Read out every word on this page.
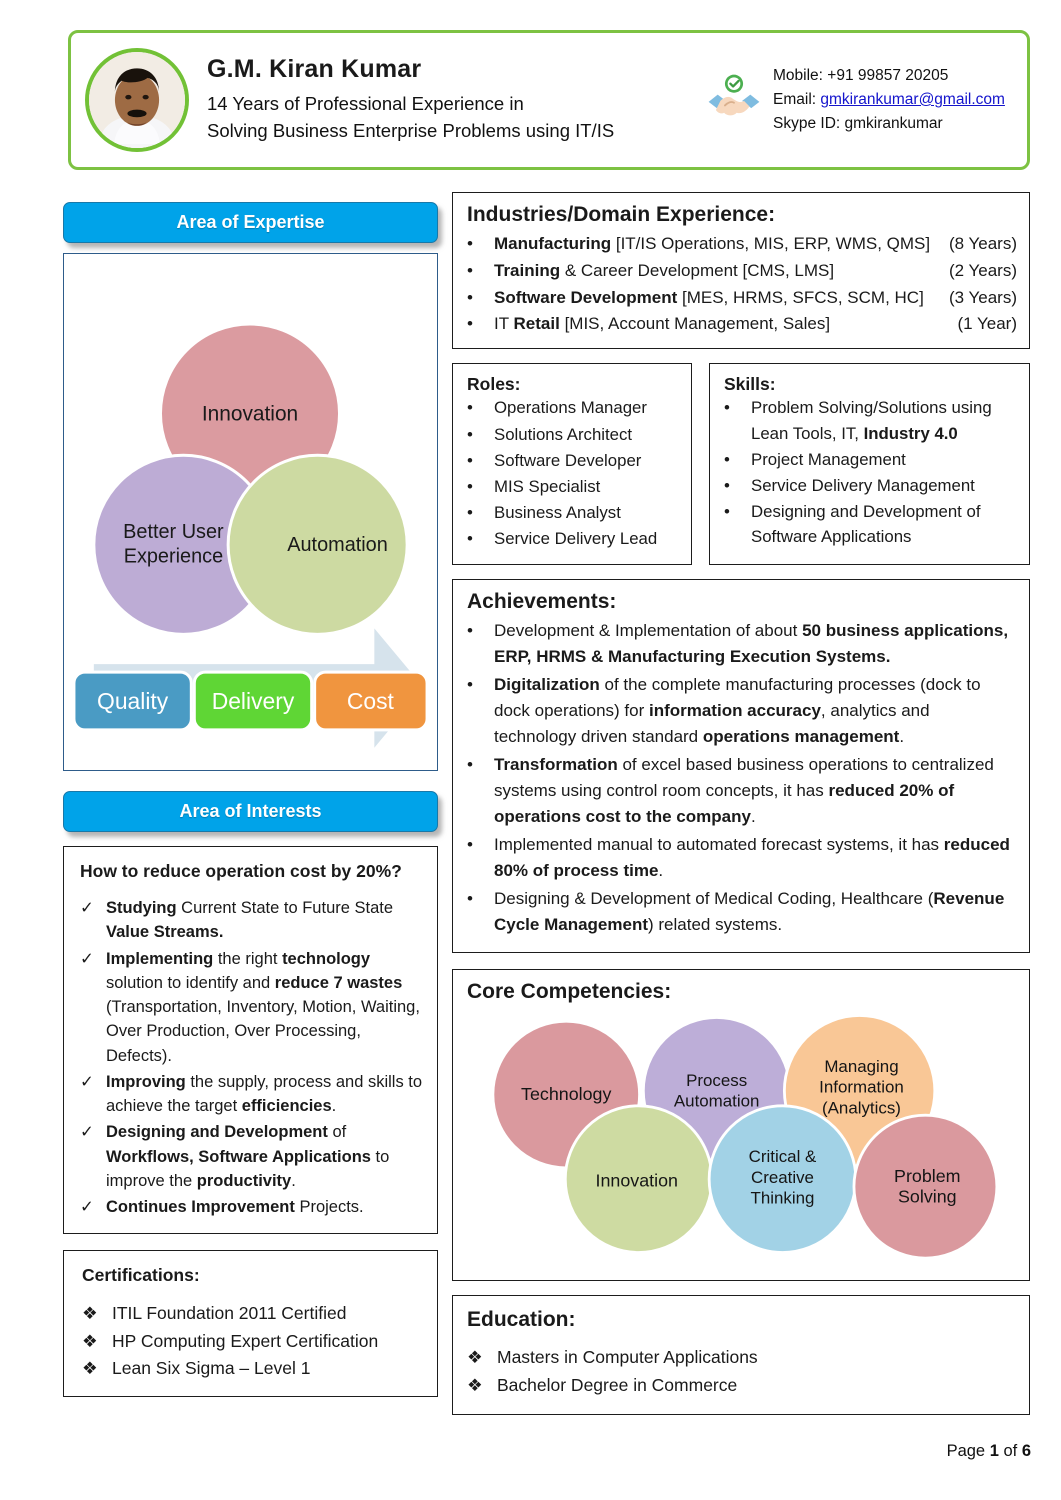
G.M. Kiran Kumar
14 Years of Professional Experience in
Solving Business Enterprise Problems using IT/IS
Mobile: +91 99857 20205
Email: gmkirankumar@gmail.com
Skype ID: gmkirankumar
Area of Expertise
Innovation
Better User
Experience
Automation
Quality Delivery Cost
Area of Interests
How to reduce operation cost by 20%?
✓ Studying Current State to Future State Value Streams.
✓ Implementing the right technology solution to identify and reduce 7 wastes (Transportation, Inventory, Motion, Waiting, Over Production, Over Processing, Defects).
✓ Improving the supply, process and skills to achieve the target efficiencies.
✓ Designing and Development of Workflows, Software Applications to improve the productivity.
✓ Continues Improvement Projects.
Certifications:
❖ ITIL Foundation 2011 Certified
❖ HP Computing Expert Certification
❖ Lean Six Sigma – Level 1
Industries/Domain Experience:
•	Manufacturing [IT/IS Operations, MIS, ERP, WMS, QMS]	(8 Years)
•	Training & Career Development [CMS, LMS]	(2 Years)
•	Software Development [MES, HRMS, SFCS, SCM, HC]	(3 Years)
•	IT Retail [MIS, Account Management, Sales]	(1 Year)
Roles:
•	Operations Manager
•	Solutions Architect
•	Software Developer
•	MIS Specialist
•	Business Analyst
•	Service Delivery Lead
Skills:
•	Problem Solving/Solutions using Lean Tools, IT, Industry 4.0
•	Project Management
•	Service Delivery Management
•	Designing and Development of Software Applications
Achievements:
•	Development & Implementation of about 50 business applications, ERP, HRMS & Manufacturing Execution Systems.
•	Digitalization of the complete manufacturing processes (dock to dock operations) for information accuracy, analytics and technology driven standard operations management.
•	Transformation of excel based business operations to centralized systems using control room concepts, it has reduced 20% of operations cost to the company.
•	Implemented manual to automated forecast systems, it has reduced 80% of process time.
•	Designing & Development of Medical Coding, Healthcare (Revenue Cycle Management) related systems.
Core Competencies:
Technology
Process
Automation
Managing
Information
(Analytics)
Innovation
Critical &
Creative
Thinking
Problem
Solving
Education:
❖ Masters in Computer Applications
❖ Bachelor Degree in Commerce
Page 1 of 6
